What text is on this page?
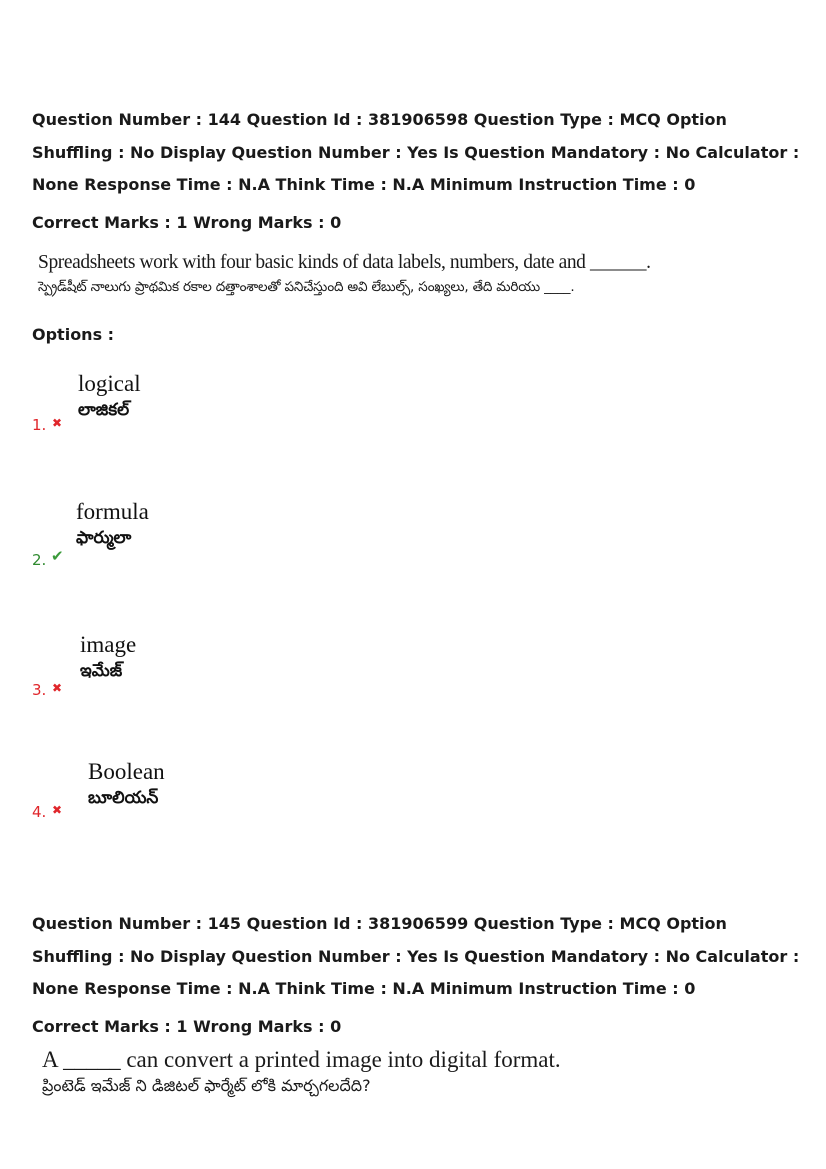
Question Number : 144 Question Id : 381906598 Question Type : MCQ Option Shuffling : No Display Question Number : Yes Is Question Mandatory : No Calculator : None Response Time : N.A Think Time : N.A Minimum Instruction Time : 0

Correct Marks : 1 Wrong Marks : 0
Spreadsheets work with four basic kinds of data labels, numbers, date and ______.
స్ప్రెడ్‌షీట్ నాలుగు ప్రాథమిక రకాల దత్తాంశాలతో పనిచేస్తుంది అవి లేబుల్స్, సంఖ్యలు, తేది మరియు ____.
Options :
logical
లాజికల్
1. ✖
formula
ఫార్ములా
2. ✔
image
ఇమేజ్
3. ✖
Boolean
బూలియన్
4. ✖

Question Number : 145 Question Id : 381906599 Question Type : MCQ Option Shuffling : No Display Question Number : Yes Is Question Mandatory : No Calculator : None Response Time : N.A Think Time : N.A Minimum Instruction Time : 0

Correct Marks : 1 Wrong Marks : 0
A _____ can convert a printed image into digital format.
ప్రింటెడ్ ఇమేజ్ ని డిజిటల్ ఫార్మేట్ లోకి మార్చగలదేది?
